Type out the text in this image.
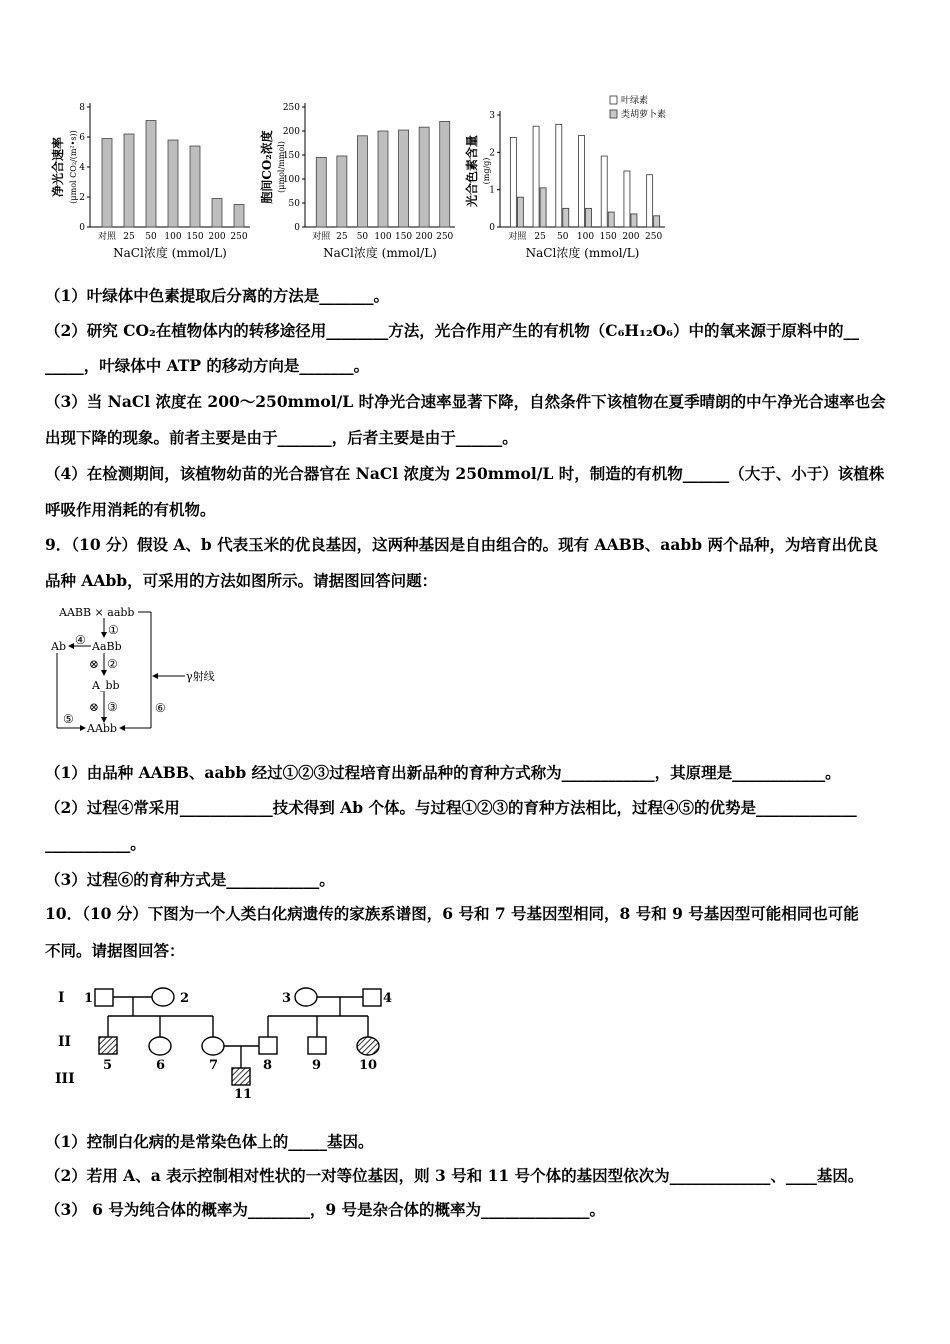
0
2
4
6
8
对照 25 50 100 150 200 250
NaCl浓度 (mmol/L)
净光合速率 (μmol CO₂/(m²•s))
0
50
100
150
200
250
对照 25 50 100 150 200 250
NaCl浓度 (mmol/L)
胞间CO₂浓度 (μmol/mmol)
0
1
2
3
对照 25 50 100 150 200 250
NaCl浓度 (mmol/L)
光合色素含量 (mg/g)
叶绿素
类胡萝卜素
（1）叶绿体中色素提取后分离的方法是_______。
（2）研究 CO₂在植物体内的转移途径用________方法，光合作用产生的有机物（C₆H₁₂O₆）中的氧来源于原料中的__
_____，叶绿体中 ATP 的移动方向是_______。
（3）当 NaCl 浓度在 200～250mmol/L 时净光合速率显著下降，自然条件下该植物在夏季晴朗的中午净光合速率也会
出现下降的现象。前者主要是由于_______，后者主要是由于______。
（4）在检测期间，该植物幼苗的光合器官在 NaCl 浓度为 250mmol/L 时，制造的有机物______（大于、小于）该植株
呼吸作用消耗的有机物。
9．（10 分）假设 A、b 代表玉米的优良基因，这两种基因是自由组合的。现有 AABB、aabb 两个品种，为培育出优良
品种 AAbb，可采用的方法如图所示。请据图回答问题：
AABB × aabb
γ射线
⑥
①
AaBb
⊗ ②
A_bb
⊗ ③
AAbb
④
Ab
⑤
（1）由品种 AABB、aabb 经过①②③过程培育出新品种的育种方式称为____________，其原理是____________。
（2）过程④常采用____________技术得到 Ab 个体。与过程①②③的育种方法相比，过程④⑤的优势是_____________
___________。
（3）过程⑥的育种方式是____________。
10．（10 分）下图为一个人类白化病遗传的家族系谱图，6 号和 7 号基因型相同，8 号和 9 号基因型可能相同也可能
不同。请据图回答：
I
II
III
1	2	3	4
5	6	7	8	9	10
11
（1）控制白化病的是常染色体上的_____基因。
（2）若用 A、a 表示控制相对性状的一对等位基因，则 3 号和 11 号个体的基因型依次为_____________、____基因。
（3） 6 号为纯合体的概率为________，9 号是杂合体的概率为______________。
